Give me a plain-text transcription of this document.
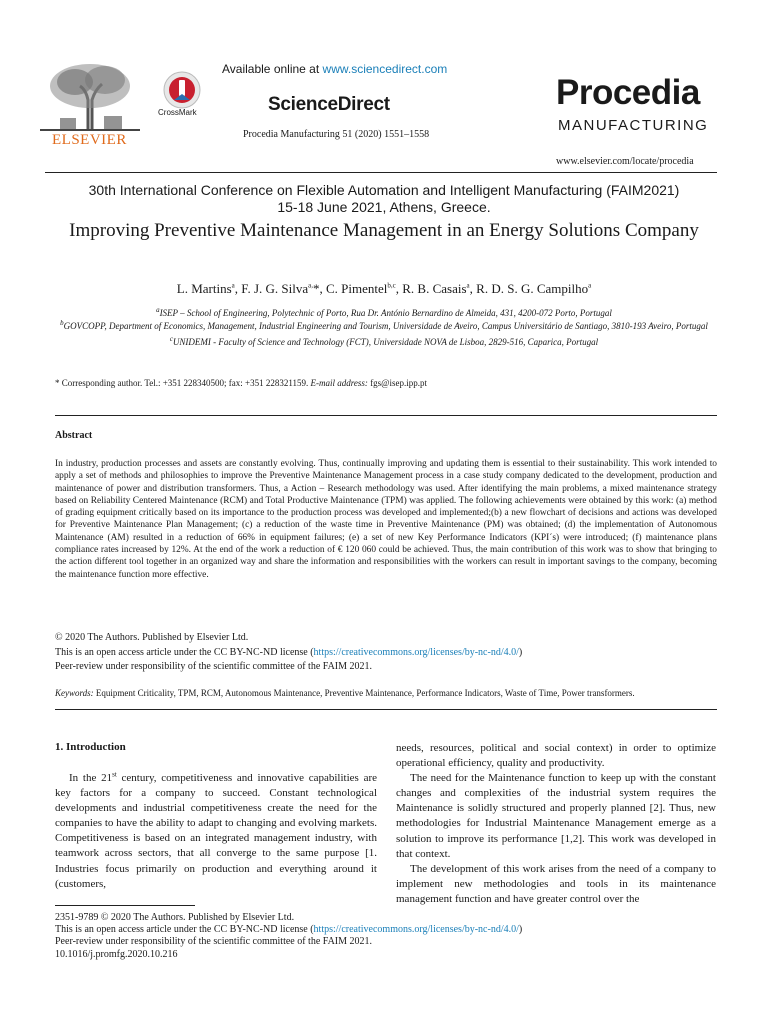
ELSEVIER
CrossMark
Available online at www.sciencedirect.com
ScienceDirect
Procedia Manufacturing 51 (2020) 1551–1558
Procedia
MANUFACTURING
www.elsevier.com/locate/procedia
30th International Conference on Flexible Automation and Intelligent Manufacturing (FAIM2021)
15-18 June 2021, Athens, Greece.
Improving Preventive Maintenance Management in an Energy Solutions Company
L. Martins$^a$, F. J. G. Silva$^{a,}$*, C. Pimentel$^{b,c}$, R. B. Casais$^a$, R. D. S. G. Campilho$^a$
$^a$ISEP – School of Engineering, Polytechnic of Porto, Rua Dr. António Bernardino de Almeida, 431, 4200-072 Porto, Portugal
$^b$GOVCOPP, Department of Economics, Management, Industrial Engineering and Tourism, Universidade de Aveiro, Campus Universitário de Santiago, 3810-193 Aveiro, Portugal
$^c$UNIDEMI - Faculty of Science and Technology (FCT), Universidade NOVA de Lisboa, 2829-516, Caparica, Portugal
* Corresponding author. Tel.: +351 228340500; fax: +351 228321159. E-mail address: fgs@isep.ipp.pt
Abstract
In industry, production processes and assets are constantly evolving. Thus, continually improving and updating them is essential to their sustainability. This work intended to apply a set of methods and philosophies to improve the Preventive Maintenance Management process in a case study company dedicated to the development, production and maintenance of power and distribution transformers. Thus, a Action – Research methodology was used. After identifying the main problems, a mixed maintenance strategy based on Reliability Centered Maintenance (RCM) and Total Productive Maintenance (TPM) was applied. The following achievements were obtained by this work: (a) method of grading equipment critically based on its importance to the production process was developed and implemented;(b) a new flowchart of decisions and actions was developed for Preventive Maintenance Plan Management; (c) a reduction of the waste time in Preventive Maintenance (PM) was obtained; (d) the implementation of Autonomous Maintenance (AM) resulted in a reduction of 66% in equipment failures; (e) a set of new Key Performance Indicators (KPI´s) were introduced; (f) maintenance plans compliance rates increased by 12%. At the end of the work a reduction of € 120 060 could be achieved. Thus, the main contribution of this work was to show that bringing to the action different tool together in an organized way and share the information and responsibilities with the workers can result in important savings to the company, becoming the maintenance function more effective.
© 2020 The Authors. Published by Elsevier Ltd.
This is an open access article under the CC BY-NC-ND license (https://creativecommons.org/licenses/by-nc-nd/4.0/)
Peer-review under responsibility of the scientific committee of the FAIM 2021.
Keywords: Equipment Criticality, TPM, RCM, Autonomous Maintenance, Preventive Maintenance, Performance Indicators, Waste of Time, Power transformers.
1. Introduction

In the 21st century, competitiveness and innovative capabilities are key factors for a company to succeed. Constant technological developments and industrial competitiveness create the need for the companies to have the ability to adapt to changing and evolving markets. Competitiveness is based on an integrated management industry, with teamwork across sectors, that all converge to the same purpose [1. Industries focus primarily on production and everything around it (customers,

needs, resources, political and social context) in order to optimize operational efficiency, quality and productivity.

The need for the Maintenance function to keep up with the constant changes and complexities of the industrial system requires the Maintenance is solidly structured and properly planned [2]. Thus, new methodologies for Industrial Maintenance Management emerge as a solution to improve its performance [1,2]. This work was developed in that context.

The development of this work arises from the need of a company to implement new methodologies and tools in its maintenance management function and have greater control over the

2351-9789 © 2020 The Authors. Published by Elsevier Ltd.
This is an open access article under the CC BY-NC-ND license (https://creativecommons.org/licenses/by-nc-nd/4.0/)
Peer-review under responsibility of the scientific committee of the FAIM 2021.
10.1016/j.promfg.2020.10.216
